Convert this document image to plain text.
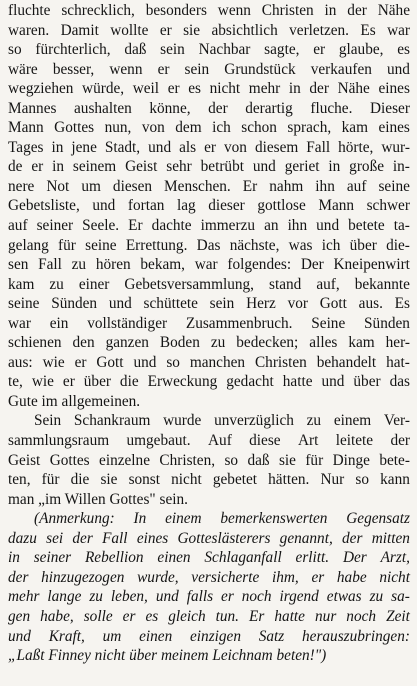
fluchte schrecklich, besonders wenn Christen in der Nähe
waren. Damit wollte er sie absichtlich verletzen. Es war
so fürchterlich, daß sein Nachbar sagte, er glaube, es
wäre besser, wenn er sein Grundstück verkaufen und
wegziehen würde, weil er es nicht mehr in der Nähe eines
Mannes aushalten könne, der derartig fluche. Dieser
Mann Gottes nun, von dem ich schon sprach, kam eines
Tages in jene Stadt, und als er von diesem Fall hörte, wur-
de er in seinem Geist sehr betrübt und geriet in große in-
nere Not um diesen Menschen. Er nahm ihn auf seine
Gebetsliste, und fortan lag dieser gottlose Mann schwer
auf seiner Seele. Er dachte immerzu an ihn und betete ta-
gelang für seine Errettung. Das nächste, was ich über die-
sen Fall zu hören bekam, war folgendes: Der Kneipenwirt
kam zu einer Gebetsversammlung, stand auf, bekannte
seine Sünden und schüttete sein Herz vor Gott aus. Es
war ein vollständiger Zusammenbruch. Seine Sünden
schienen den ganzen Boden zu bedecken; alles kam her-
aus: wie er Gott und so manchen Christen behandelt hat-
te, wie er über die Erweckung gedacht hatte und über das
Gute im allgemeinen.
Sein Schankraum wurde unverzüglich zu einem Ver-
sammlungsraum umgebaut. Auf diese Art leitete der
Geist Gottes einzelne Christen, so daß sie für Dinge bete-
ten, für die sie sonst nicht gebetet hätten. Nur so kann
man „im Willen Gottes" sein.
(Anmerkung: In einem bemerkenswerten Gegensatz
dazu sei der Fall eines Gotteslästerers genannt, der mitten
in seiner Rebellion einen Schlaganfall erlitt. Der Arzt,
der hinzugezogen wurde, versicherte ihm, er habe nicht
mehr lange zu leben, und falls er noch irgend etwas zu sa-
gen habe, solle er es gleich tun. Er hatte nur noch Zeit
und Kraft, um einen einzigen Satz herauszubringen:
„Laßt Finney nicht über meinem Leichnam beten!")
